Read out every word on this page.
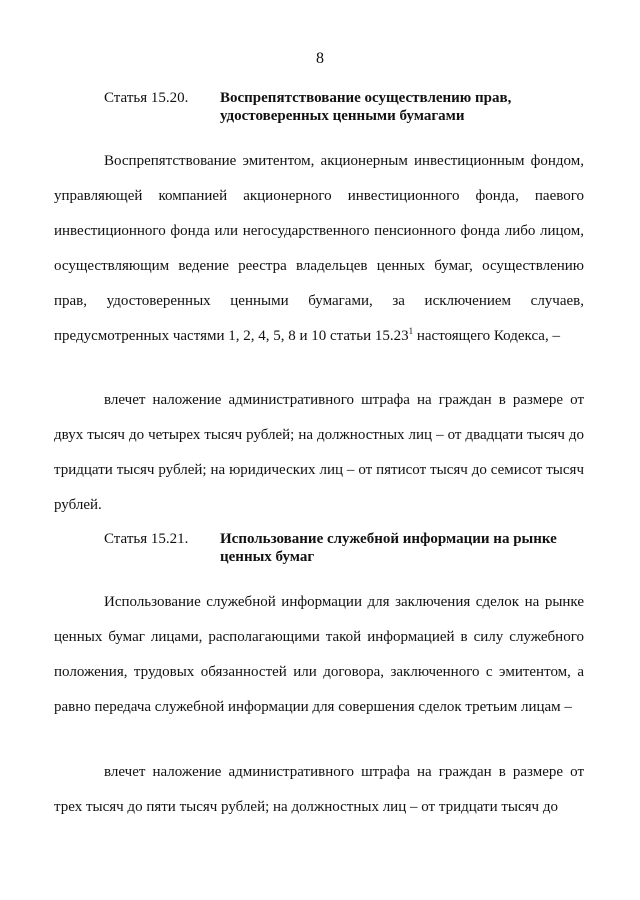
8
Статья 15.20. Воспрепятствование осуществлению прав, удостоверенных ценными бумагами

Воспрепятствование эмитентом, акционерным инвестиционным фондом, управляющей компанией акционерного инвестиционного фонда, паевого инвестиционного фонда или негосударственного пенсионного фонда либо лицом, осуществляющим ведение реестра владельцев ценных бумаг, осуществлению прав, удостоверенных ценными бумагами, за исключением случаев, предусмотренных частями 1, 2, 4, 5, 8 и 10 статьи 15.23$^1$ настоящего Кодекса, –

влечет наложение административного штрафа на граждан в размере от двух тысяч до четырех тысяч рублей; на должностных лиц – от двадцати тысяч до тридцати тысяч рублей; на юридических лиц – от пятисот тысяч до семисот тысяч рублей.

Статья 15.21. Использование служебной информации на рынке ценных бумаг

Использование служебной информации для заключения сделок на рынке ценных бумаг лицами, располагающими такой информацией в силу служебного положения, трудовых обязанностей или договора, заключенного с эмитентом, а равно передача служебной информации для совершения сделок третьим лицам –

влечет наложение административного штрафа на граждан в размере от трех тысяч до пяти тысяч рублей; на должностных лиц – от тридцати тысяч до
